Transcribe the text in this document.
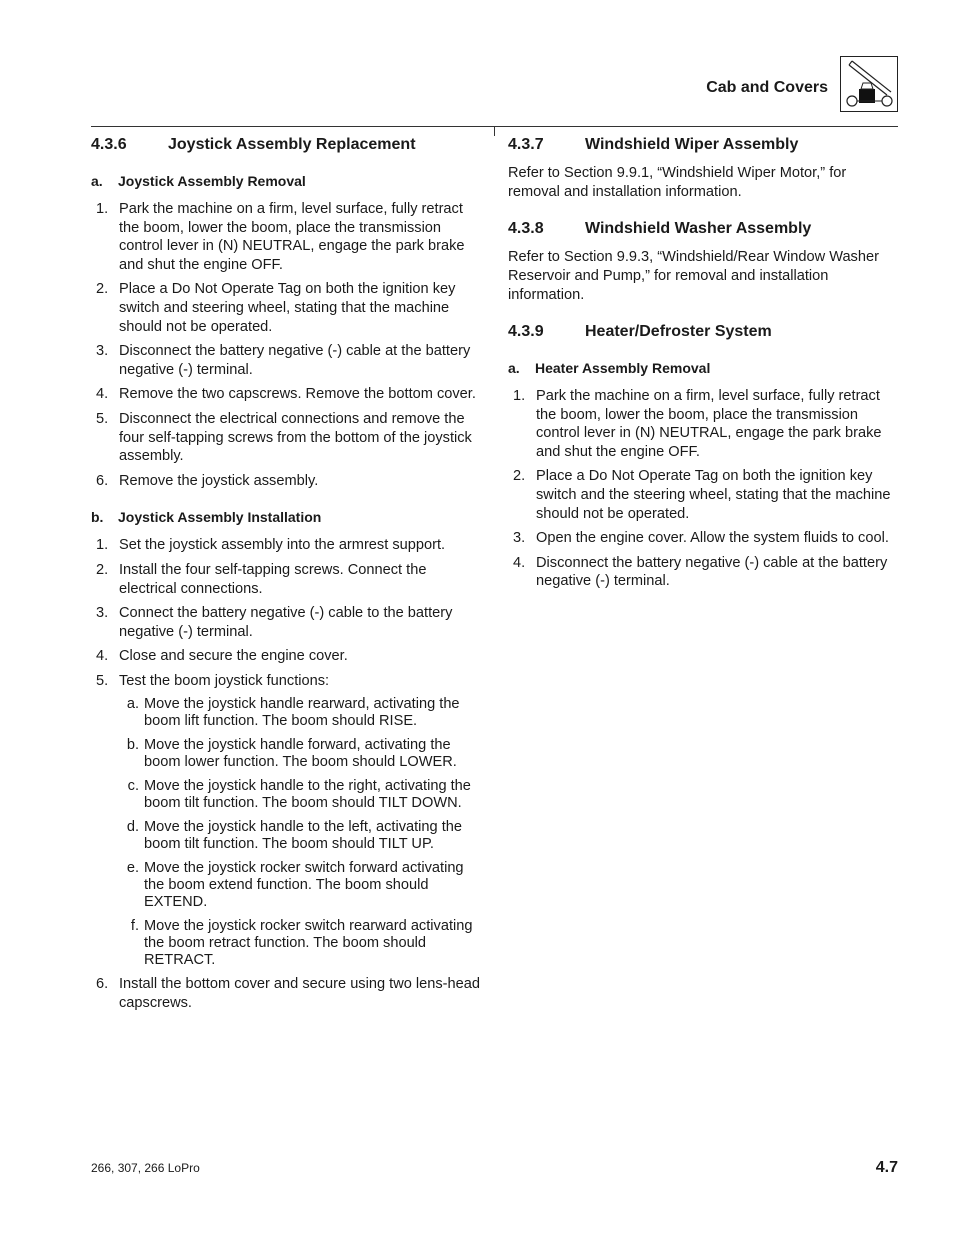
Cab and Covers
4.3.6	Joystick Assembly Replacement
a.	Joystick Assembly Removal
1. Park the machine on a firm, level surface, fully retract the boom, lower the boom, place the transmission control lever in (N) NEUTRAL, engage the park brake and shut the engine OFF.
2. Place a Do Not Operate Tag on both the ignition key switch and steering wheel, stating that the machine should not be operated.
3. Disconnect the battery negative (-) cable at the battery negative (-) terminal.
4. Remove the two capscrews. Remove the bottom cover.
5. Disconnect the electrical connections and remove the four self-tapping screws from the bottom of the joystick assembly.
6. Remove the joystick assembly.
b.	Joystick Assembly Installation
1. Set the joystick assembly into the armrest support.
2. Install the four self-tapping screws. Connect the electrical connections.
3. Connect the battery negative (-) cable to the battery negative (-) terminal.
4. Close and secure the engine cover.
5. Test the boom joystick functions:
a. Move the joystick handle rearward, activating the boom lift function. The boom should RISE.
b. Move the joystick handle forward, activating the boom lower function. The boom should LOWER.
c. Move the joystick handle to the right, activating the boom tilt function. The boom should TILT DOWN.
d. Move the joystick handle to the left, activating the boom tilt function. The boom should TILT UP.
e. Move the joystick rocker switch forward activating the boom extend function. The boom should EXTEND.
f. Move the joystick rocker switch rearward activating the boom retract function. The boom should RETRACT.
6. Install the bottom cover and secure using two lens-head capscrews.
4.3.7	Windshield Wiper Assembly

Refer to Section 9.9.1, “Windshield Wiper Motor,” for removal and installation information.

4.3.8	Windshield Washer Assembly

Refer to Section 9.9.3, “Windshield/Rear Window Washer Reservoir and Pump,” for removal and installation information.

4.3.9	Heater/Defroster System
a.	Heater Assembly Removal
1. Park the machine on a firm, level surface, fully retract the boom, lower the boom, place the transmission control lever in (N) NEUTRAL, engage the park brake and shut the engine OFF.
2. Place a Do Not Operate Tag on both the ignition key switch and the steering wheel, stating that the machine should not be operated.
3. Open the engine cover. Allow the system fluids to cool.
4. Disconnect the battery negative (-) cable at the battery negative (-) terminal.
266, 307, 266 LoPro	4.7
